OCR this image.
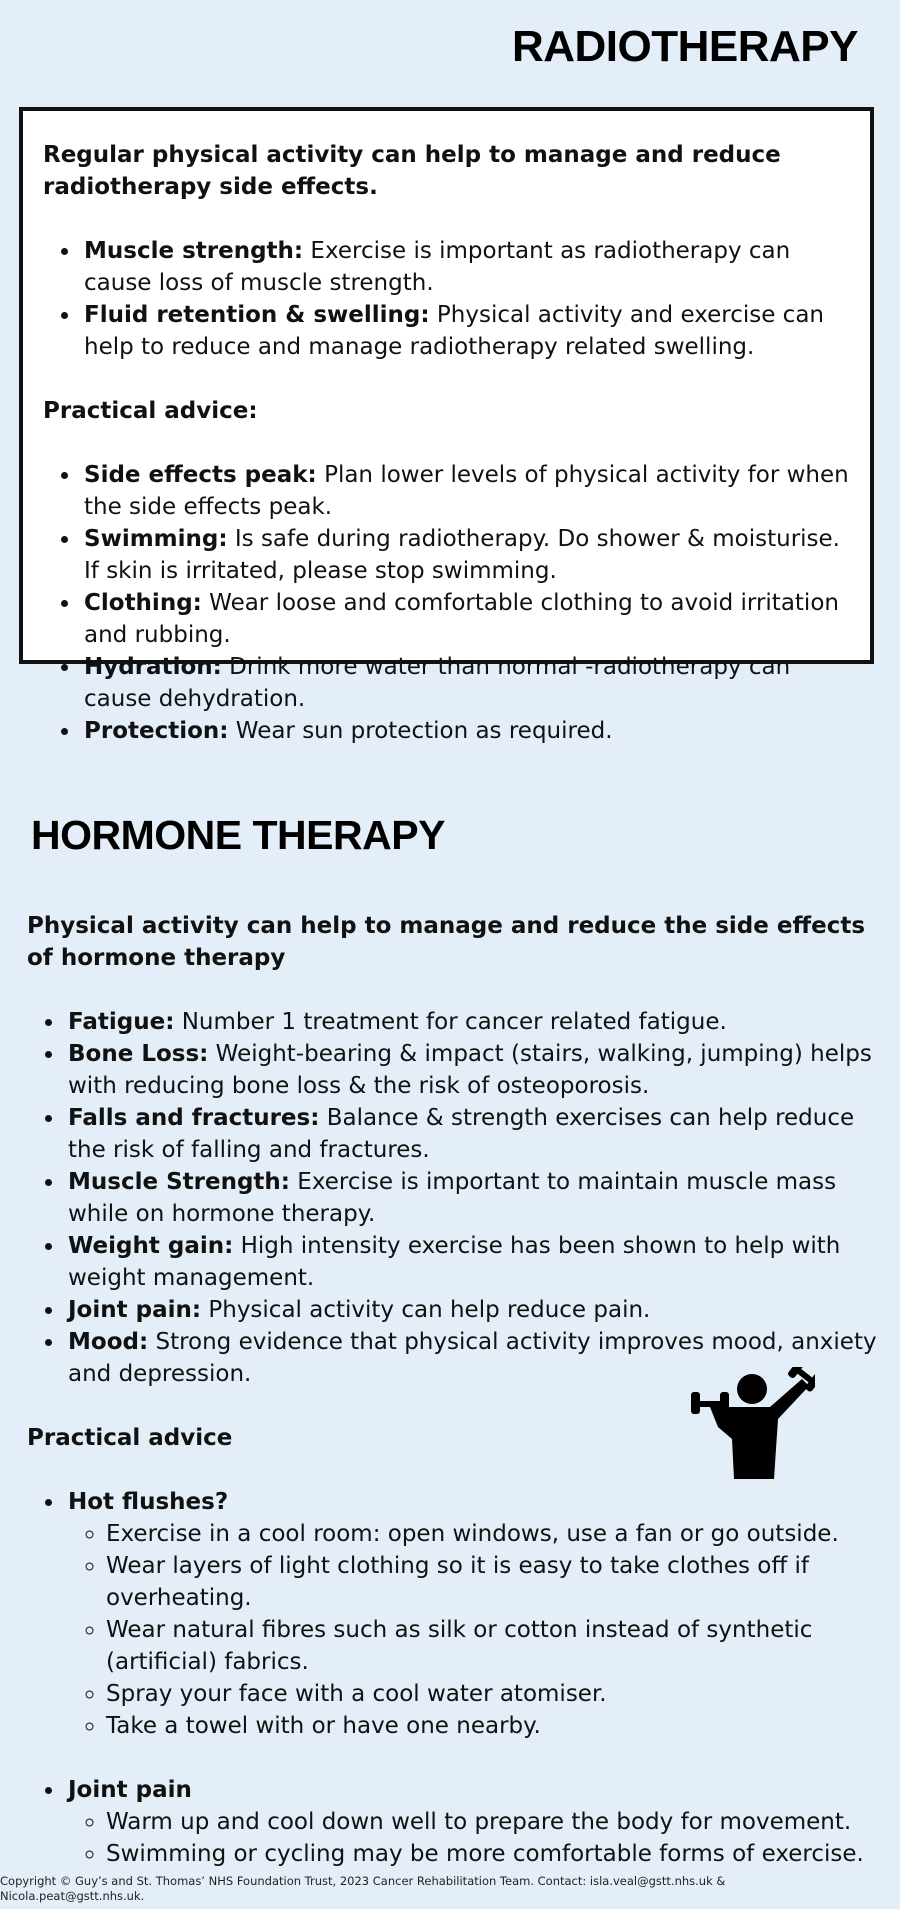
RADIOTHERAPY

Regular physical activity can help to manage and reduce radiotherapy side effects.

• Muscle strength: Exercise is important as radiotherapy can cause loss of muscle strength.
• Fluid retention & swelling: Physical activity and exercise can help to reduce and manage radiotherapy related swelling.

Practical advice:

• Side effects peak: Plan lower levels of physical activity for when the side effects peak.
• Swimming: Is safe during radiotherapy. Do shower & moisturise. If skin is irritated, please stop swimming.
• Clothing: Wear loose and comfortable clothing to avoid irritation and rubbing.
• Hydration: Drink more water than normal -radiotherapy can cause dehydration.
• Protection: Wear sun protection as required.
HORMONE THERAPY

Physical activity can help to manage and reduce the side effects of hormone therapy

• Fatigue: Number 1 treatment for cancer related fatigue.
• Bone Loss: Weight-bearing & impact (stairs, walking, jumping) helps with reducing bone loss & the risk of osteoporosis.
• Falls and fractures: Balance & strength exercises can help reduce the risk of falling and fractures.
• Muscle Strength: Exercise is important to maintain muscle mass while on hormone therapy.
• Weight gain: High intensity exercise has been shown to help with weight management.
• Joint pain: Physical activity can help reduce pain.
• Mood: Strong evidence that physical activity improves mood, anxiety and depression.

Practical advice

• Hot flushes?
◦ Exercise in a cool room: open windows, use a fan or go outside.
◦ Wear layers of light clothing so it is easy to take clothes off if overheating.
◦ Wear natural fibres such as silk or cotton instead of synthetic (artificial) fabrics.
◦ Spray your face with a cool water atomiser.
◦ Take a towel with or have one nearby.
• Joint pain
◦ Warm up and cool down well to prepare the body for movement.
◦ Swimming or cycling may be more comfortable forms of exercise.

Copyright © Guy’s and St. Thomas’ NHS Foundation Trust, 2023 Cancer Rehabilitation Team. Contact: isla.veal@gstt.nhs.uk & Nicola.peat@gstt.nhs.uk.
